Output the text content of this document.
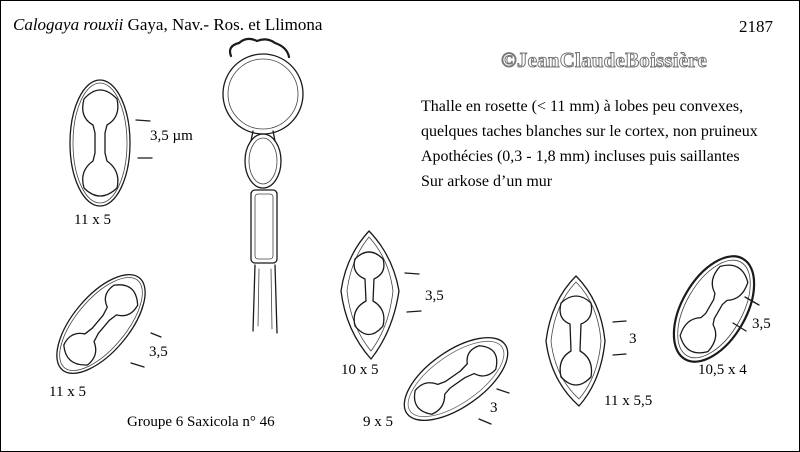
Calogaya rouxii Gaya, Nav.- Ros. et Llimona	2187
©JeanClaudeBoissière

Thalle en rosette (< 11 mm) à lobes peu convexes, quelques taches blanches sur le cortex, non pruineux

Apothécies (0,3 - 1,8 mm) incluses puis saillantes

Sur arkose d’un mur

3,5 µm
11 x 5
3,5
11 x 5
3,5
10 x 5
3
9 x 5
3
11 x 5,5
3,5
10,5 x 4
Groupe 6 Saxicola n° 46
